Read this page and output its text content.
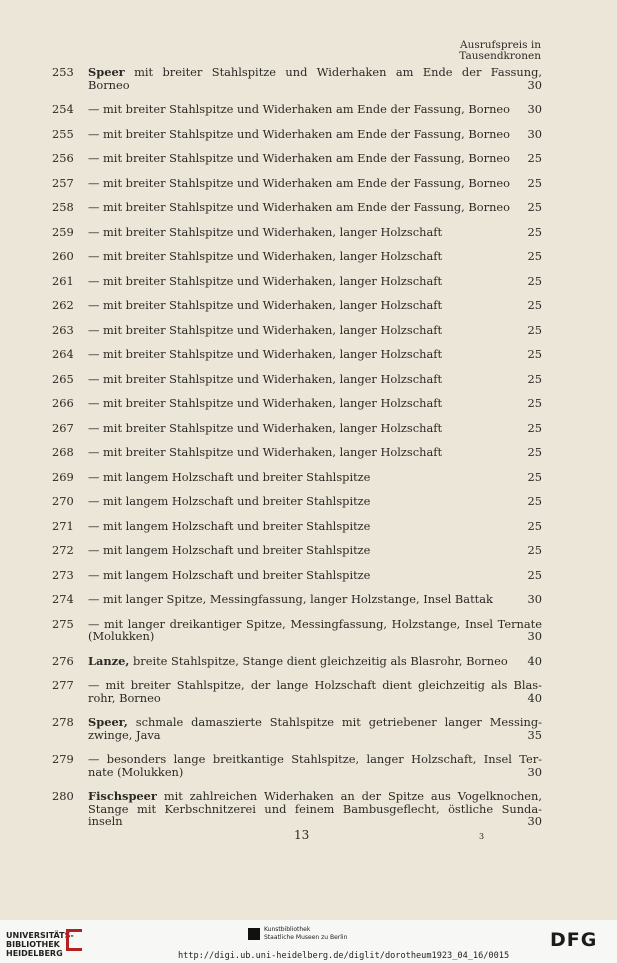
Ausrufspreis in
Tausendkronen
253	Speer mit breiter Stahlspitze und Widerhaken am Ende der Fassung,
Borneo	30
254	— mit breiter Stahlspitze und Widerhaken am Ende der Fassung, Borneo	30
255	— mit breiter Stahlspitze und Widerhaken am Ende der Fassung, Borneo	30
256	— mit breiter Stahlspitze und Widerhaken am Ende der Fassung, Borneo	25
257	— mit breiter Stahlspitze und Widerhaken am Ende der Fassung, Borneo	25
258	— mit breiter Stahlspitze und Widerhaken am Ende der Fassung, Borneo	25
259	— mit breiter Stahlspitze und Widerhaken, langer Holzschaft	25
260	— mit breiter Stahlspitze und Widerhaken, langer Holzschaft	25
261	— mit breiter Stahlspitze und Widerhaken, langer Holzschaft	25
262	— mit breiter Stahlspitze und Widerhaken, langer Holzschaft	25
263	— mit breiter Stahlspitze und Widerhaken, langer Holzschaft	25
264	— mit breiter Stahlspitze und Widerhaken, langer Holzschaft	25
265	— mit breiter Stahlspitze und Widerhaken, langer Holzschaft	25
266	— mit breiter Stahlspitze und Widerhaken, langer Holzschaft	25
267	— mit breiter Stahlspitze und Widerhaken, langer Holzschaft	25
268	— mit breiter Stahlspitze und Widerhaken, langer Holzschaft	25
269	— mit langem Holzschaft und breiter Stahlspitze	25
270	— mit langem Holzschaft und breiter Stahlspitze	25
271	— mit langem Holzschaft und breiter Stahlspitze	25
272	— mit langem Holzschaft und breiter Stahlspitze	25
273	— mit langem Holzschaft und breiter Stahlspitze	25
274	— mit langer Spitze, Messingfassung, langer Holzstange, Insel Battak	30
275	— mit langer dreikantiger Spitze, Messingfassung, Holzstange, Insel Ternate
(Molukken)	30
276	Lanze, breite Stahlspitze, Stange dient gleichzeitig als Blasrohr, Borneo	40
277	— mit breiter Stahlspitze, der lange Holzschaft dient gleichzeitig als Blas-
rohr, Borneo	40
278	Speer, schmale damaszierte Stahlspitze mit getriebener langer Messing-
zwinge, Java	35
279	— besonders lange breitkantige Stahlspitze, langer Holzschaft, Insel Ter-
nate (Molukken)	30
280	Fischspeer mit zahlreichen Widerhaken an der Spitze aus Vogelknochen,
Stange mit Kerbschnitzerei und feinem Bambusgeflecht, östliche Sunda-
inseln	30
13	3
UNIVERSITÄTS-
BIBLIOTHEK
HEIDELBERG
Kunstbibliothek
Staatliche Museen zu Berlin
http://digi.ub.uni-heidelberg.de/diglit/dorotheum1923_04_16/0015
DFG
